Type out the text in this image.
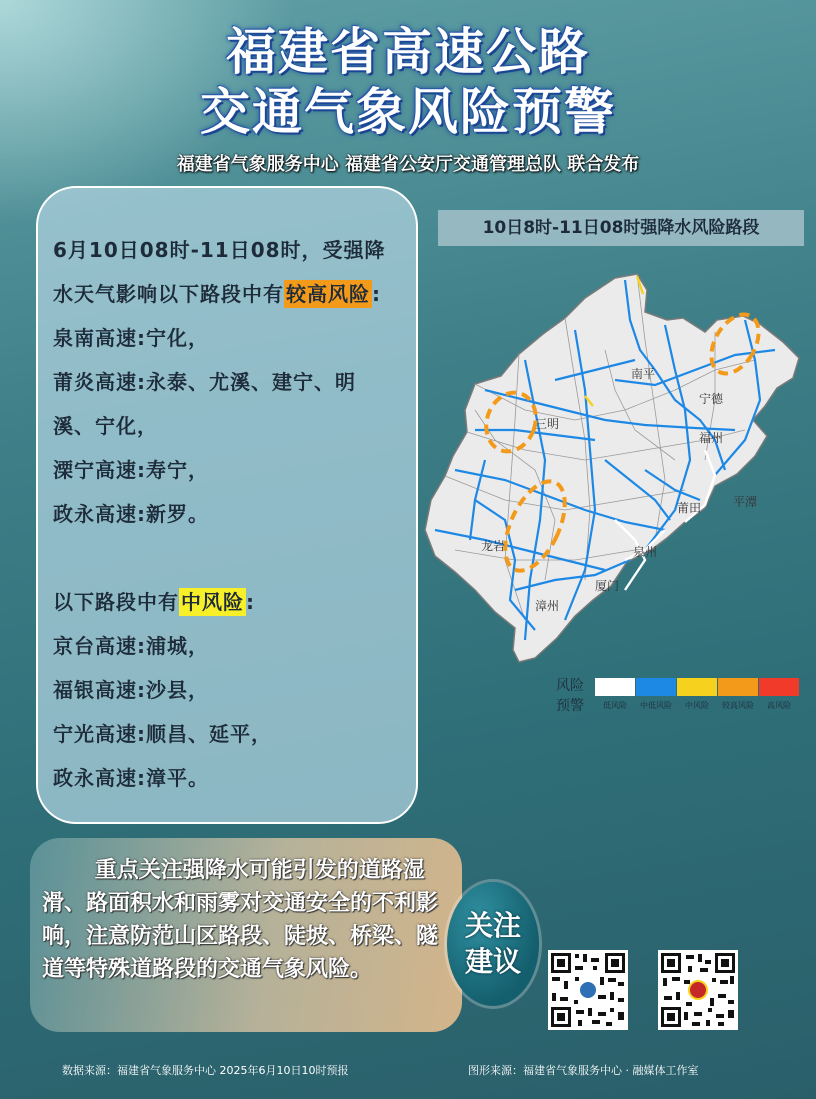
福建省高速公路
交通气象风险预警
福建省气象服务中心 福建省公安厅交通管理总队 联合发布

6月10日08时-11日08时，受强降
水天气影响以下路段中有 较高风险 :

泉南高速:宁化，

莆炎高速:永泰、尤溪、建宁、明

溪、宁化，

溧宁高速:寿宁，

政永高速:新罗。

以下路段中有 中风险 :

京台高速:浦城，

福银高速:沙县，

宁光高速:顺昌、延平，

政永高速:漳平。

10日8时-11日08时强降水风险路段
南平
宁德
三明
福州
莆田	平潭
龙岩	泉州
漳州
厦门
风险
预警	低风险	中低风险	中风险	较高风险	高风险

重点关注强降水可能引发的道路湿滑、路面积水和雨雾对交通安全的不利影响，注意防范山区路段、陡坡、桥梁、隧道等特殊道路段的交通气象风险。

关注
建议
数据来源：福建省气象服务中心 2025年6月10日10时预报	图形来源：福建省气象服务中心 · 融媒体工作室
